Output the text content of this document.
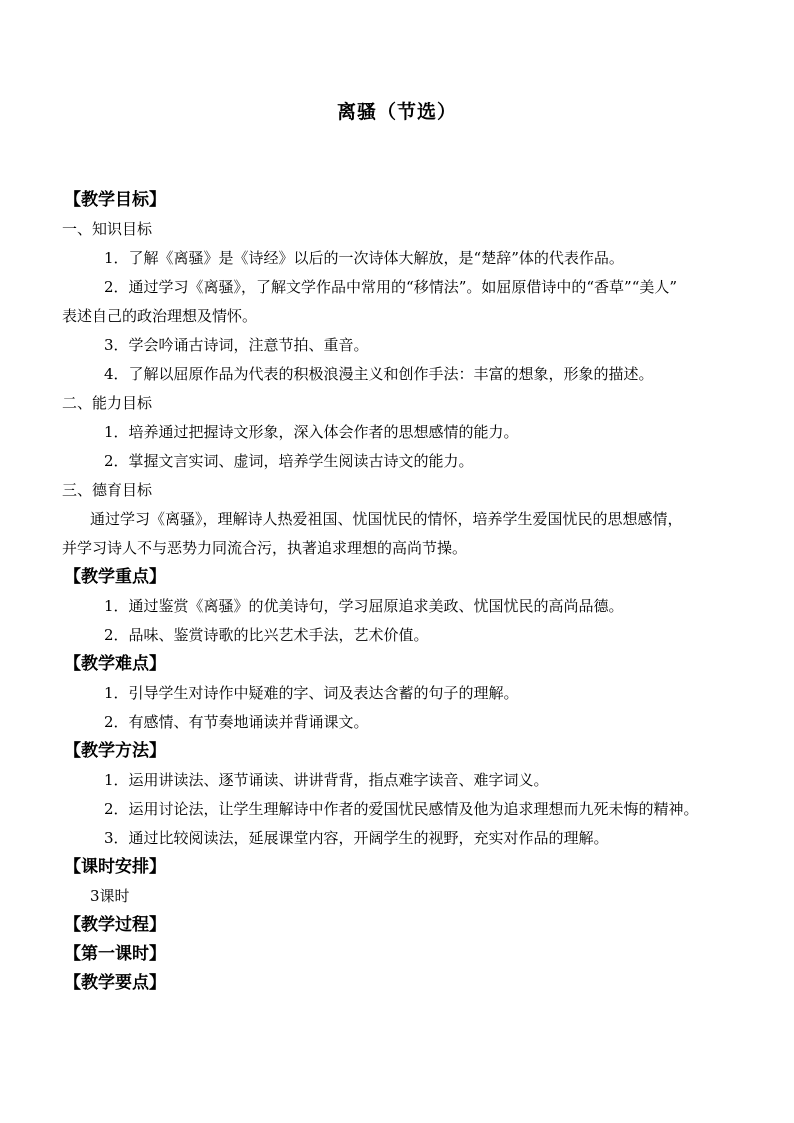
离骚（节选）

【教学目标】

一、知识目标

1．了解《离骚》是《诗经》以后的一次诗体大解放，是“楚辞”体的代表作品。

2．通过学习《离骚》，了解文学作品中常用的“移情法”。如屈原借诗中的“香草”“美人”

表述自己的政治理想及情怀。

3．学会吟诵古诗词，注意节拍、重音。

4．了解以屈原作品为代表的积极浪漫主义和创作手法：丰富的想象，形象的描述。

二、能力目标

1．培养通过把握诗文形象，深入体会作者的思想感情的能力。

2．掌握文言实词、虚词，培养学生阅读古诗文的能力。

三、德育目标

通过学习《离骚》，理解诗人热爱祖国、忧国忧民的情怀，培养学生爱国忧民的思想感情，

并学习诗人不与恶势力同流合污，执著追求理想的高尚节操。

【教学重点】

1．通过鉴赏《离骚》的优美诗句，学习屈原追求美政、忧国忧民的高尚品德。

2．品味、鉴赏诗歌的比兴艺术手法，艺术价值。

【教学难点】

1．引导学生对诗作中疑难的字、词及表达含蓄的句子的理解。

2．有感情、有节奏地诵读并背诵课文。

【教学方法】

1．运用讲读法、逐节诵读、讲讲背背，指点难字读音、难字词义。

2．运用讨论法，让学生理解诗中作者的爱国忧民感情及他为追求理想而九死未悔的精神。

3．通过比较阅读法，延展课堂内容，开阔学生的视野，充实对作品的理解。

【课时安排】

3课时

【教学过程】

【第一课时】

【教学要点】
